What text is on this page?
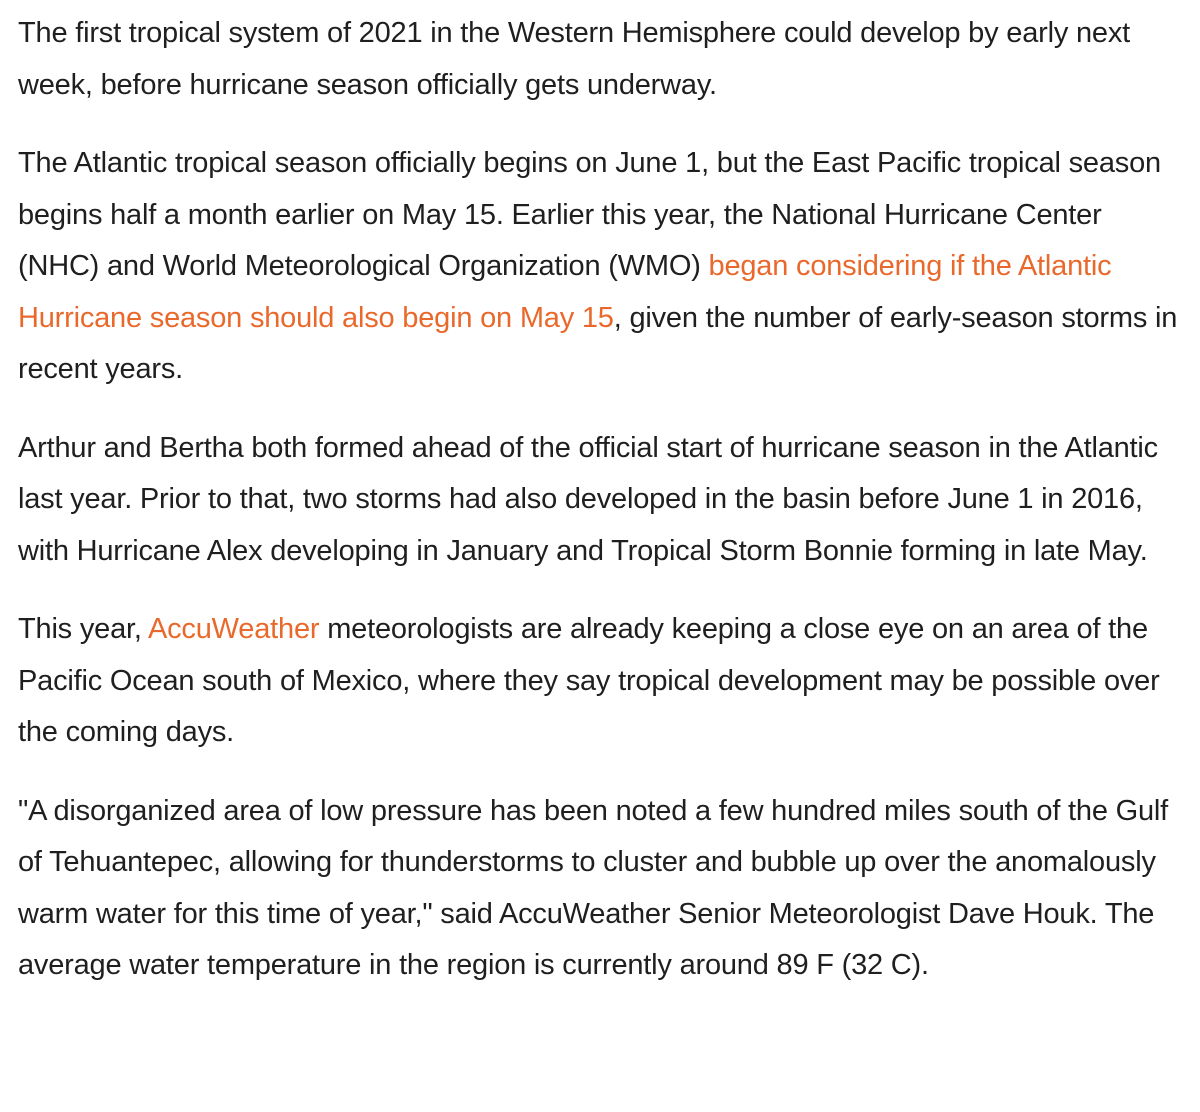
The first tropical system of 2021 in the Western Hemisphere could develop by early next week, before hurricane season officially gets underway.

The Atlantic tropical season officially begins on June 1, but the East Pacific tropical season begins half a month earlier on May 15. Earlier this year, the National Hurricane Center (NHC) and World Meteorological Organization (WMO) began considering if the Atlantic Hurricane season should also begin on May 15, given the number of early-season storms in recent years.

Arthur and Bertha both formed ahead of the official start of hurricane season in the Atlantic last year. Prior to that, two storms had also developed in the basin before June 1 in 2016, with Hurricane Alex developing in January and Tropical Storm Bonnie forming in late May.

This year, AccuWeather meteorologists are already keeping a close eye on an area of the Pacific Ocean south of Mexico, where they say tropical development may be possible over the coming days.

"A disorganized area of low pressure has been noted a few hundred miles south of the Gulf of Tehuantepec, allowing for thunderstorms to cluster and bubble up over the anomalously warm water for this time of year," said AccuWeather Senior Meteorologist Dave Houk. The average water temperature in the region is currently around 89 F (32 C).
